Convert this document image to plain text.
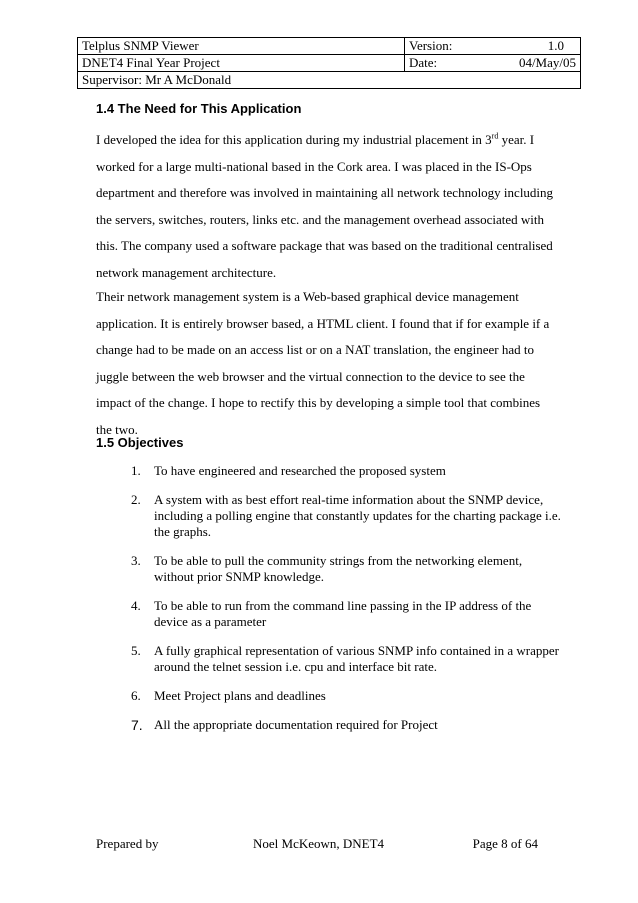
Telplus SNMP Viewer	Version: 1.0

DNET4 Final Year Project	Date: 04/May/05

Supervisor: Mr A McDonald	
1.4 The Need for This Application

I developed the idea for this application during my industrial placement in 3rd year. I worked for a large multi-national based in the Cork area. I was placed in the IS-Ops department and therefore was involved in maintaining all network technology including the servers, switches, routers, links etc. and the management overhead associated with this. The company used a software package that was based on the traditional centralised network management architecture.

Their network management system is a Web-based graphical device management application. It is entirely browser based, a HTML client. I found that if for example if a change had to be made on an access list or on a NAT translation, the engineer had to juggle between the web browser and the virtual connection to the device to see the impact of the change. I hope to rectify this by developing a simple tool that combines the two.

1.5 Objectives
1. To have engineered and researched the proposed system
2. A system with as best effort real-time information about the SNMP device, including a polling engine that constantly updates for the charting package i.e. the graphs.
3. To be able to pull the community strings from the networking element, without prior SNMP knowledge.
4. To be able to run from the command line passing in the IP address of the device as a parameter
5. A fully graphical representation of various SNMP info contained in a wrapper around the telnet session i.e. cpu and interface bit rate.
6. Meet Project plans and deadlines
7. All the appropriate documentation required for Project
Prepared by	Noel McKeown, DNET4	Page 8 of 64
